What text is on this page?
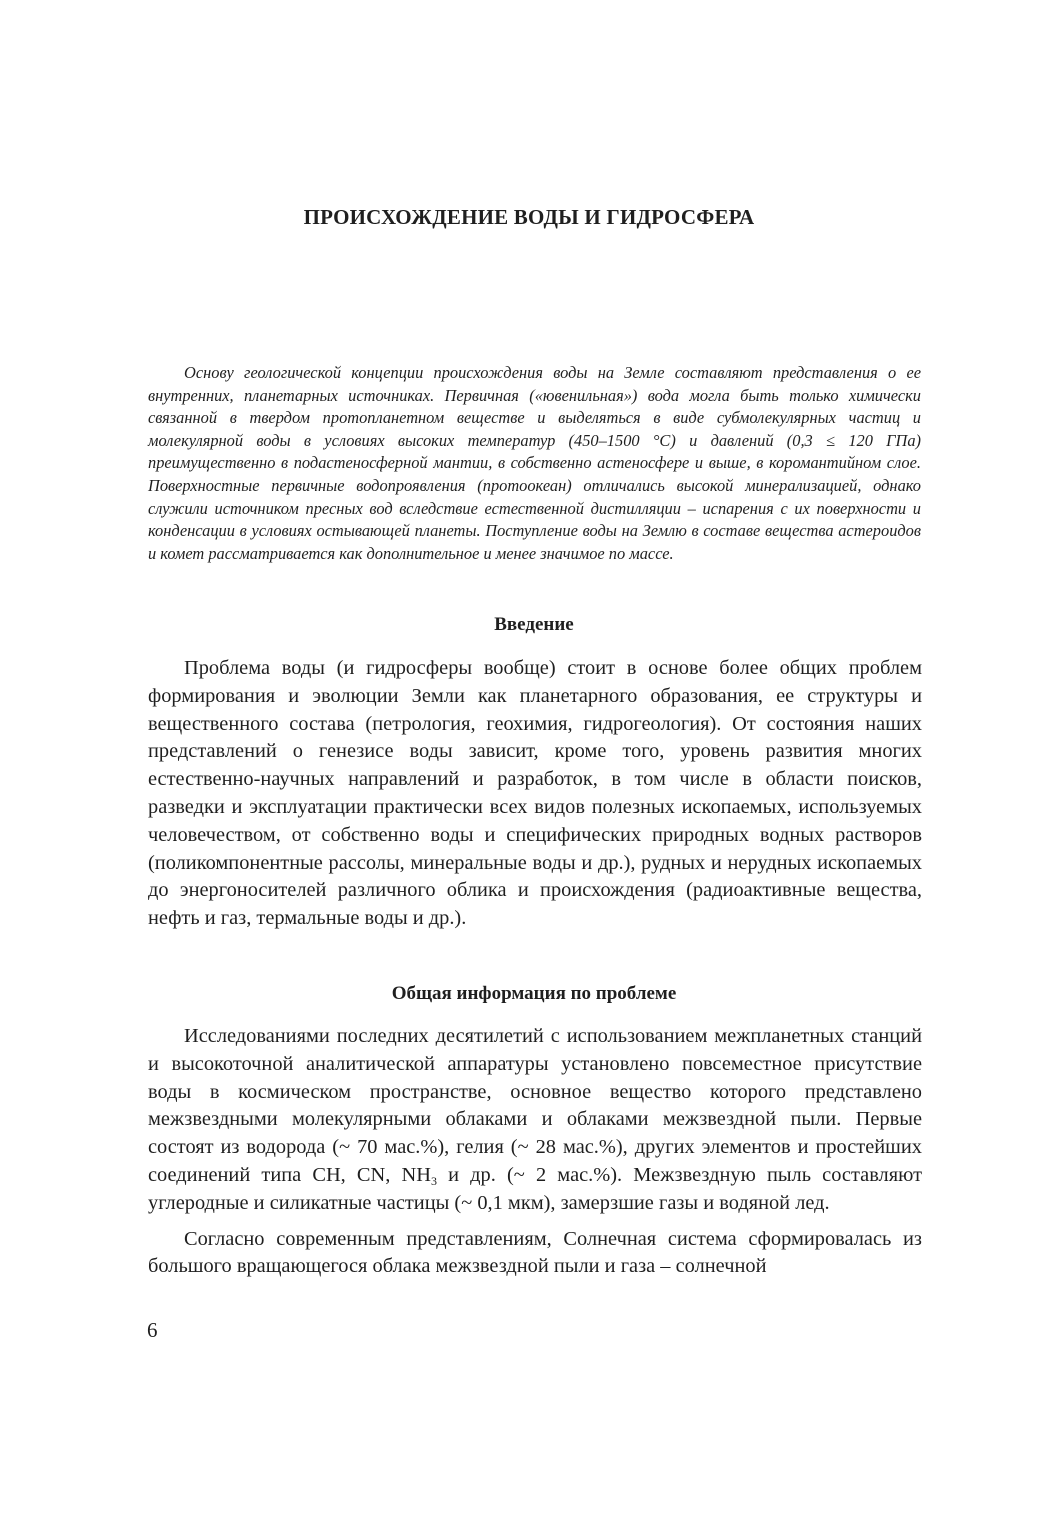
ПРОИСХОЖДЕНИЕ ВОДЫ И ГИДРОСФЕРА

Основу геологической концепции происхождения воды на Земле составляют представления о ее внутренних, планетарных источниках. Первичная («ювенильная») вода могла быть только химически связанной в твердом протопланетном веществе и выделяться в виде субмолекулярных частиц и молекулярной воды в условиях высоких температур (450–1500 °С) и давлений (0,3 ≤ 120 ГПа) преимущественно в подастеносферной мантии, в собственно астеносфере и выше, в коромантийном слое. Поверхностные первичные водопроявления (протоокеан) отличались высокой минерализацией, однако служили источником пресных вод вследствие естественной дистилляции – испарения с их поверхности и конденсации в условиях остывающей планеты. Поступление воды на Землю в составе вещества астероидов и комет рассматривается как дополнительное и менее значимое по массе.

Введение

Проблема воды (и гидросферы вообще) стоит в основе более общих проблем формирования и эволюции Земли как планетарного образования, ее структуры и вещественного состава (петрология, геохимия, гидрогеология). От состояния наших представлений о генезисе воды зависит, кроме того, уровень развития многих естественно-научных направлений и разработок, в том числе в области поисков, разведки и эксплуатации практически всех видов полезных ископаемых, используемых человечеством, от собственно воды и специфических природных водных растворов (поликомпонентные рассолы, минеральные воды и др.), рудных и нерудных ископаемых до энергоносителей различного облика и происхождения (радиоактивные вещества, нефть и газ, термальные воды и др.).

Общая информация по проблеме

Исследованиями последних десятилетий с использованием межпланетных станций и высокоточной аналитической аппаратуры установлено повсеместное присутствие воды в космическом пространстве, основное вещество которого представлено межзвездными молекулярными облаками и облаками межзвездной пыли. Первые состоят из водорода (~ 70 мас.%), гелия (~ 28 мас.%), других элементов и простейших соединений типа CH, CN, $NH_3$ и др. (~ 2 мас.%). Межзвездную пыль составляют углеродные и силикатные частицы (~ 0,1 мкм), замерзшие газы и водяной лед.

Согласно современным представлениям, Солнечная система сформировалась из большого вращающегося облака межзвездной пыли и газа – солнечной

6
